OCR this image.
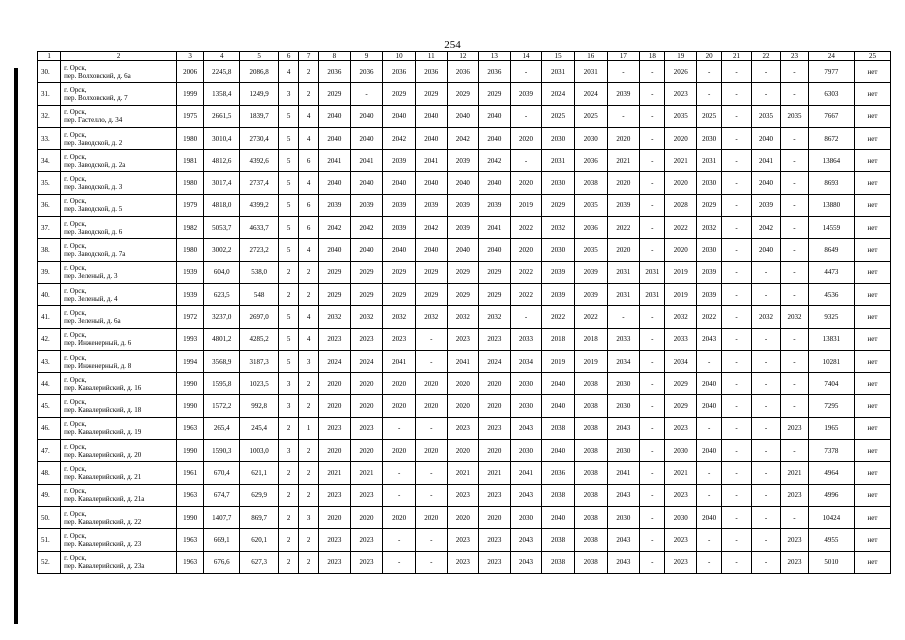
254
1	2	3	4	5	6	7	8	9	10	11	12	13	14	15	16	17	18	19	20	21	22	23	24	25
30.	г. Орск,
пер. Волховский, д. 6а	2006	2245,8	2086,8	4	2	2036	2036	2036	2036	2036	2036	-	2031	2031	-	-	2026	-	-	-	-	7977	нет
31.	г. Орск,
пер. Волховский, д. 7	1999	1358,4	1249,9	3	2	2029	-	2029	2029	2029	2029	2039	2024	2024	2039	-	2023	-	-	-	-	6303	нет
32.	г. Орск,
пер. Гастелло, д. 34	1975	2661,5	1839,7	5	4	2040	2040	2040	2040	2040	2040	-	2025	2025	-	-	2035	2025	-	2035	2035	7667	нет
33.	г. Орск,
пер. Заводской, д. 2	1980	3010,4	2730,4	5	4	2040	2040	2042	2040	2042	2040	2020	2030	2030	2020	-	2020	2030	-	2040	-	8672	нет
34.	г. Орск,
пер. Заводской, д. 2а	1981	4812,6	4392,6	5	6	2041	2041	2039	2041	2039	2042	-	2031	2036	2021	-	2021	2031	-	2041	-	13864	нет
35.	г. Орск,
пер. Заводской, д. 3	1980	3017,4	2737,4	5	4	2040	2040	2040	2040	2040	2040	2020	2030	2038	2020	-	2020	2030	-	2040	-	8693	нет
36.	г. Орск,
пер. Заводской, д. 5	1979	4818,0	4399,2	5	6	2039	2039	2039	2039	2039	2039	2019	2029	2035	2039	-	2028	2029	-	2039	-	13880	нет
37.	г. Орск,
пер. Заводской, д. 6	1982	5053,7	4633,7	5	6	2042	2042	2039	2042	2039	2041	2022	2032	2036	2022	-	2022	2032	-	2042	-	14559	нет
38.	г. Орск,
пер. Заводской, д. 7а	1980	3002,2	2723,2	5	4	2040	2040	2040	2040	2040	2040	2020	2030	2035	2020	-	2020	2030	-	2040	-	8649	нет
39.	г. Орск,
пер. Зеленый, д. 3	1939	604,0	538,0	2	2	2029	2029	2029	2029	2029	2029	2022	2039	2039	2031	2031	2019	2039	-	-	-	4473	нет
40.	г. Орск,
пер. Зеленый, д. 4	1939	623,5	548	2	2	2029	2029	2029	2029	2029	2029	2022	2039	2039	2031	2031	2019	2039	-	-	-	4536	нет
41.	г. Орск,
пер. Зеленый, д. 6а	1972	3237,0	2697,0	5	4	2032	2032	2032	2032	2032	2032	-	2022	2022	-	-	2032	2022	-	2032	2032	9325	нет
42.	г. Орск,
пер. Инженерный, д. 6	1993	4801,2	4285,2	5	4	2023	2023	2023	-	2023	2023	2033	2018	2018	2033	-	2033	2043	-	-	-	13831	нет
43.	г. Орск,
пер. Инженерный, д. 8	1994	3568,9	3187,3	5	3	2024	2024	2041	-	2041	2024	2034	2019	2019	2034	-	2034	-	-	-	-	10281	нет
44.	г. Орск,
пер. Кавалерийский, д. 16	1990	1595,8	1023,5	3	2	2020	2020	2020	2020	2020	2020	2030	2040	2038	2030	-	2029	2040	-	-	-	7404	нет
45.	г. Орск,
пер. Кавалерийский, д. 18	1990	1572,2	992,8	3	2	2020	2020	2020	2020	2020	2020	2030	2040	2038	2030	-	2029	2040	-	-	-	7295	нет
46.	г. Орск,
пер. Кавалерийский, д. 19	1963	265,4	245,4	2	1	2023	2023	-	-	2023	2023	2043	2038	2038	2043	-	2023	-	-	-	2023	1965	нет
47.	г. Орск,
пер. Кавалерийский, д. 20	1990	1590,3	1003,0	3	2	2020	2020	2020	2020	2020	2020	2030	2040	2038	2030	-	2030	2040	-	-	-	7378	нет
48.	г. Орск,
пер. Кавалерийский, д. 21	1961	670,4	621,1	2	2	2021	2021	-	-	2021	2021	2041	2036	2038	2041	-	2021	-	-	-	2021	4964	нет
49.	г. Орск,
пер. Кавалерийский, д. 21а	1963	674,7	629,9	2	2	2023	2023	-	-	2023	2023	2043	2038	2038	2043	-	2023	-	-	-	2023	4996	нет
50.	г. Орск,
пер. Кавалерийский, д. 22	1990	1407,7	869,7	2	3	2020	2020	2020	2020	2020	2020	2030	2040	2038	2030	-	2030	2040	-	-	-	10424	нет
51.	г. Орск,
пер. Кавалерийский, д. 23	1963	669,1	620,1	2	2	2023	2023	-	-	2023	2023	2043	2038	2038	2043	-	2023	-	-	-	2023	4955	нет
52.	г. Орск,
пер. Кавалерийский, д. 23а	1963	676,6	627,3	2	2	2023	2023	-	-	2023	2023	2043	2038	2038	2043	-	2023	-	-	-	2023	5010	нет
